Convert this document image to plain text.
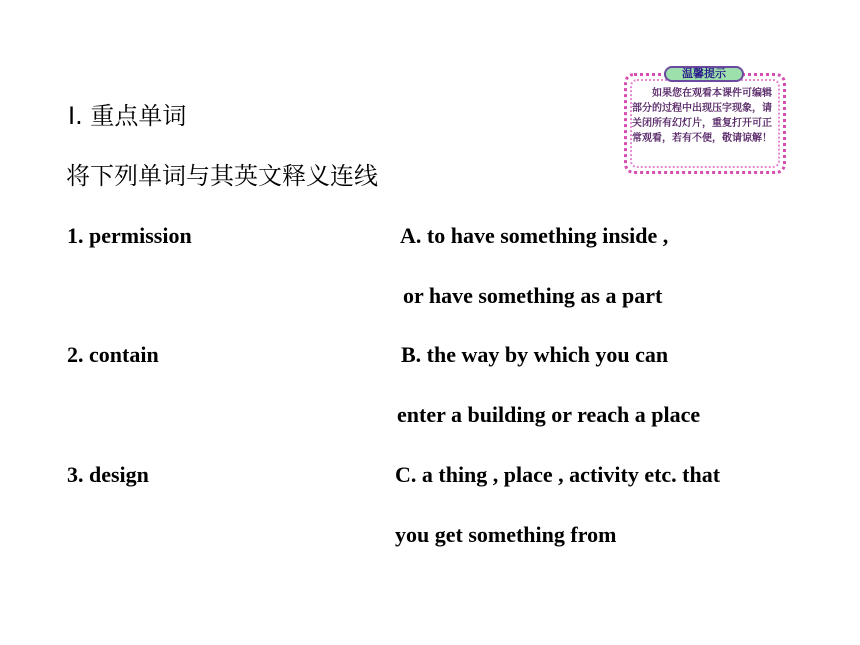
Ⅰ. 重点单词
将下列单词与其英文释义连线
温馨提示
如果您在观看本课件可编辑部分的过程中出现压字现象，请关闭所有幻灯片，重复打开可正常观看，若有不便，敬请谅解！
1. permission
2. contain
3. design
A. to have something inside ,
or have something as a part
B. the way by which you can
enter a building or reach a place
C. a thing , place , activity etc. that
you get something from
